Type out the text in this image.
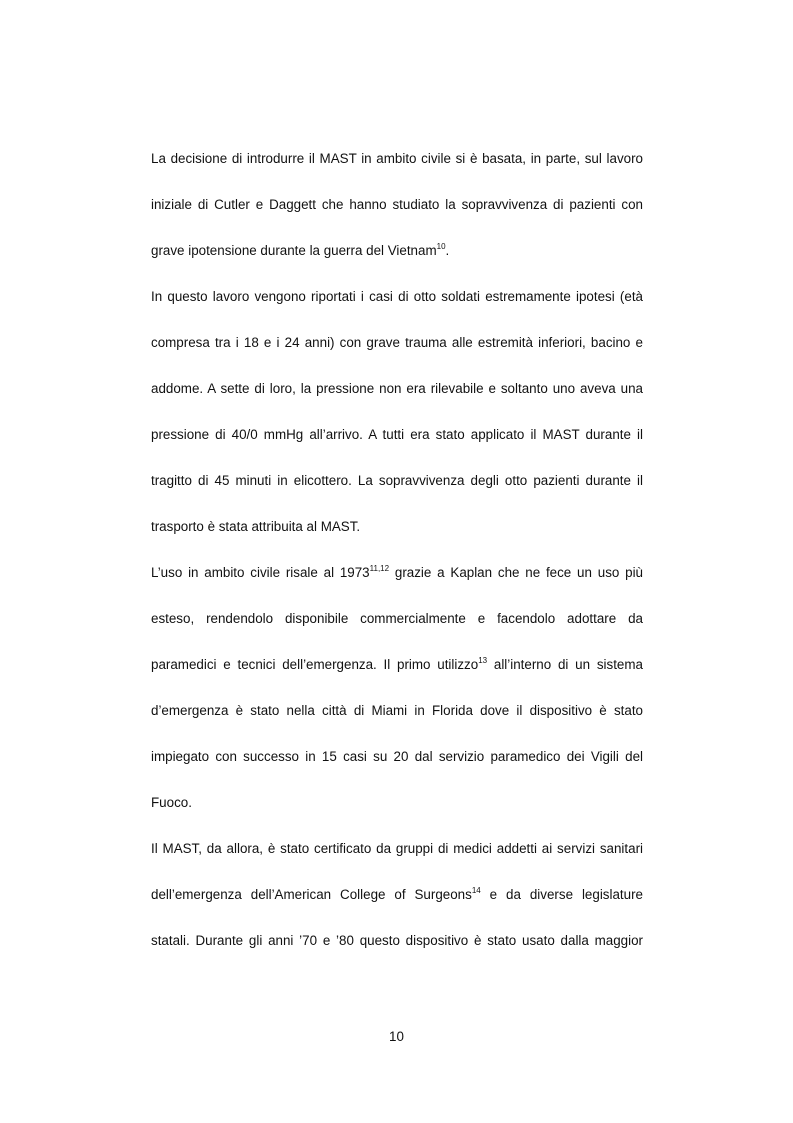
La decisione di introdurre il MAST in ambito civile si è basata, in parte, sul lavoro
iniziale di Cutler e Daggett che hanno studiato la sopravvivenza di pazienti con
grave ipotensione durante la guerra del Vietnam$^{10}$.
In questo lavoro vengono riportati i casi di otto soldati estremamente ipotesi (età
compresa tra i 18 e i 24 anni) con grave trauma alle estremità inferiori, bacino e
addome. A sette di loro, la pressione non era rilevabile e soltanto uno aveva una
pressione di 40/0 mmHg all’arrivo. A tutti era stato applicato il MAST durante il
tragitto di 45 minuti in elicottero. La sopravvivenza degli otto pazienti durante il
trasporto è stata attribuita al MAST.
L’uso in ambito civile risale al 1973$^{11,12}$ grazie a Kaplan che ne fece un uso più
esteso, rendendolo disponibile commercialmente e facendolo adottare da
paramedici e tecnici dell’emergenza. Il primo utilizzo$^{13}$ all’interno di un sistema
d’emergenza è stato nella città di Miami in Florida dove il dispositivo è stato
impiegato con successo in 15 casi su 20 dal servizio paramedico dei Vigili del
Fuoco.
Il MAST, da allora, è stato certificato da gruppi di medici addetti ai servizi sanitari
dell’emergenza dell’American College of Surgeons$^{14}$ e da diverse legislature
statali. Durante gli anni ’70 e ’80 questo dispositivo è stato usato dalla maggior
10
